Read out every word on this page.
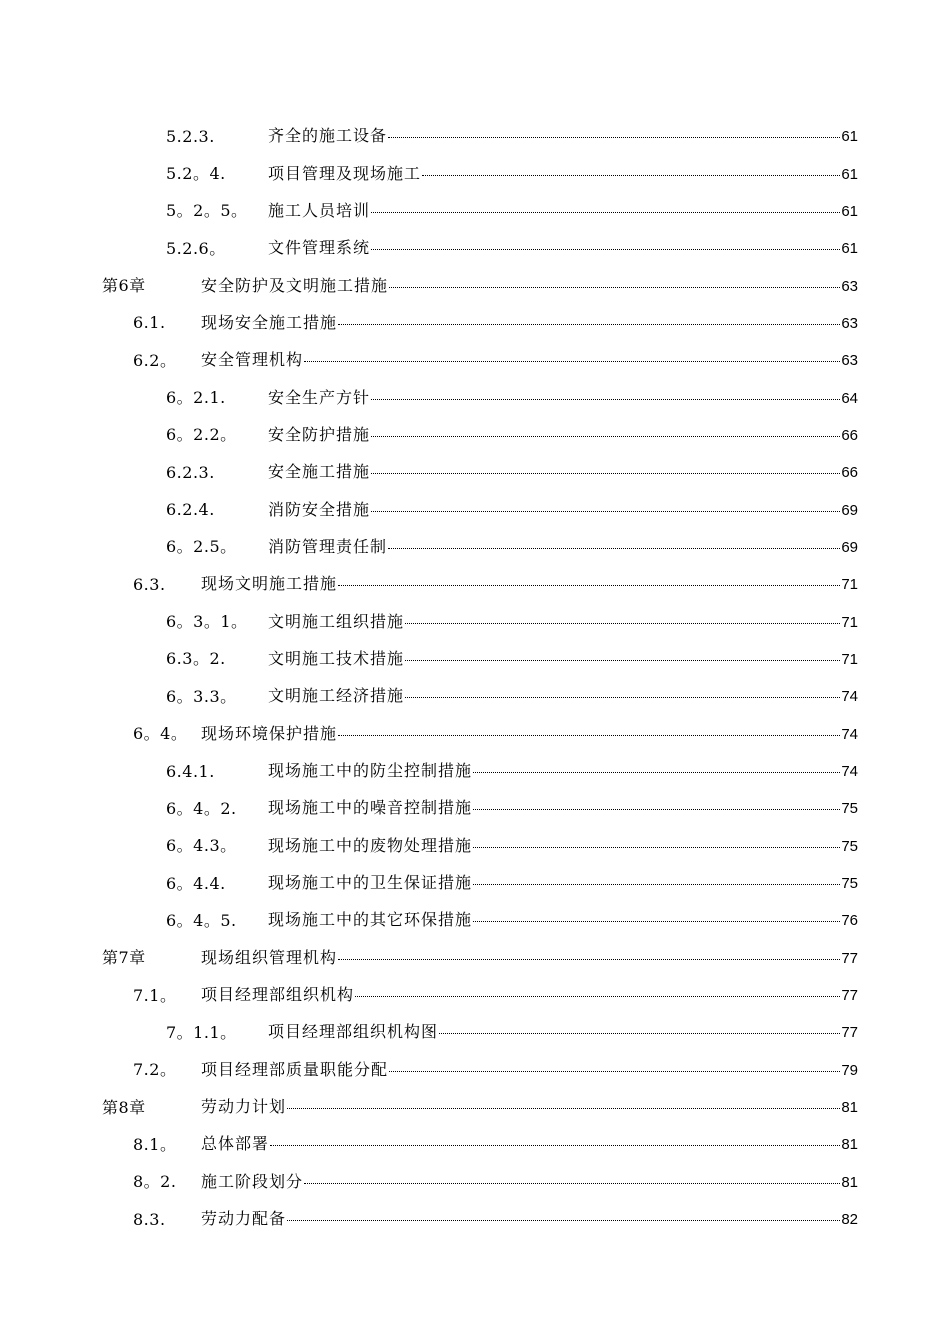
5.2.3.	齐全的施工设备	61
5.2。4.	项目管理及现场施工	61
5。2。5。 施工人员培训	61
5.2.6。	文件管理系统	61
第6章	安全防护及文明施工措施	63
6.1. 现场安全施工措施	63
6.2。 安全管理机构	63
6。2.1.	安全生产方针	64
6。2.2。 安全防护措施	66
6.2.3.	安全施工措施	66
6.2.4.	消防安全措施	69
6。2.5。 消防管理责任制	69
6.3. 现场文明施工措施	71
6。3。1。 文明施工组织措施	71
6.3。2.	文明施工技术措施	71
6。3.3。 文明施工经济措施	74
6。4。 现场环境保护措施	74
6.4.1.	现场施工中的防尘控制措施	74
6。4。2. 现场施工中的噪音控制措施	75
6。4.3。 现场施工中的废物处理措施	75
6。4.4.	现场施工中的卫生保证措施	75
6。4。5. 现场施工中的其它环保措施	76
第7章	现场组织管理机构	77
7.1。 项目经理部组织机构	77
7。1.1。 项目经理部组织机构图	77
7.2。 项目经理部质量职能分配	79
第8章	劳动力计划	81
8.1。 总体部署	81
8。2. 施工阶段划分	81
8.3. 劳动力配备	82
